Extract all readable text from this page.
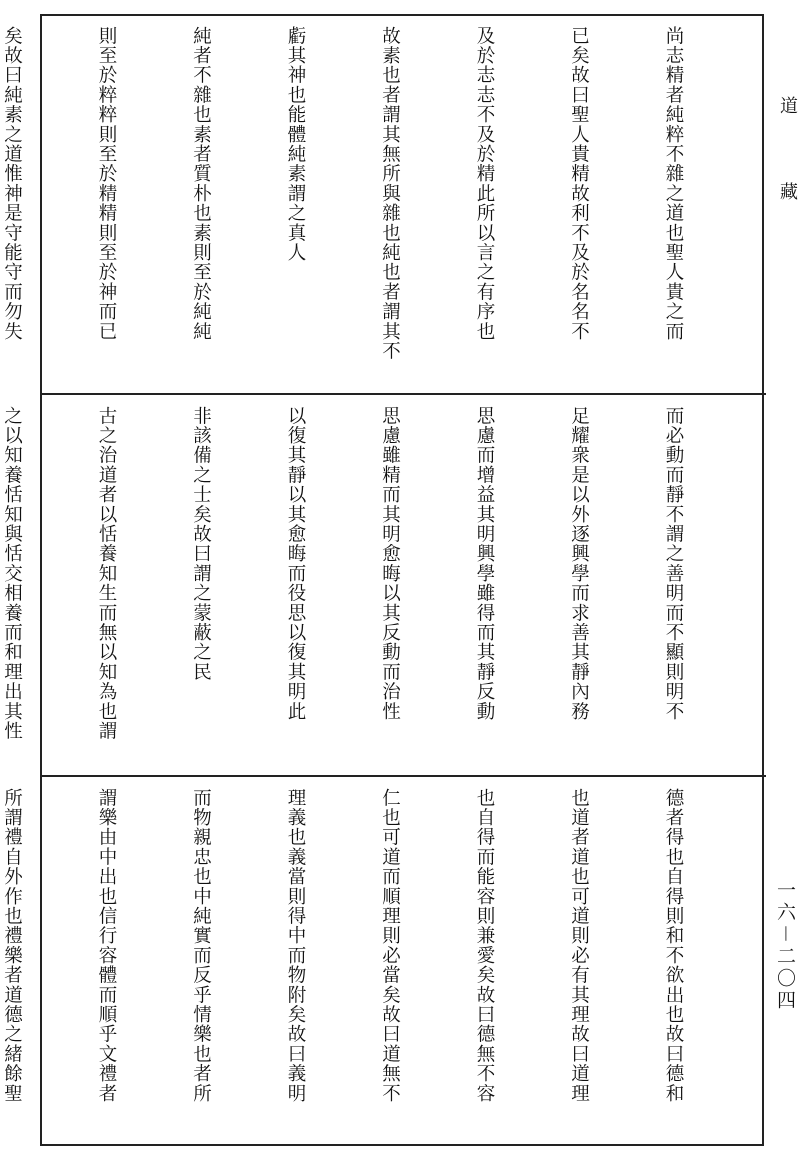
尚志精者純粹不雜之道也聖人貴之而

已矣故曰聖人貴精故利不及於名名不

及於志志不及於精此所以言之有序也

故素也者謂其無所與雜也純也者謂其不

虧其神也能體純素謂之真人

純者不雜也素者質朴也素則至於純純

則至於粹粹則至於精精則至於神而已

矣故曰純素之道惟神是守能守而勿失

而必動而靜不謂之善明而不顯則明不

足耀衆是以外逐興學而求善其靜內務

思慮而增益其明興學雖得而其靜反動

思慮雖精而其明愈晦以其反動而治性

以復其靜以其愈晦而役思以復其明此

非該備之士矣故曰謂之蒙蔽之民

古之治道者以恬養知生而無以知為也謂

之以知養恬知與恬交相養而和理出其性

德者得也自得則和不欲出也故曰德和

也道者道也可道則必有其理故曰道理

也自得而能容則兼愛矣故曰德無不容

仁也可道而順理則必當矣故曰道無不

理義也義當則得中而物附矣故曰義明

而物親忠也中純實而反乎情樂也者所

謂樂由中出也信行容體而順乎文禮者

所謂禮自外作也禮樂者道德之緒餘聖

道
藏
一六－二〇四
